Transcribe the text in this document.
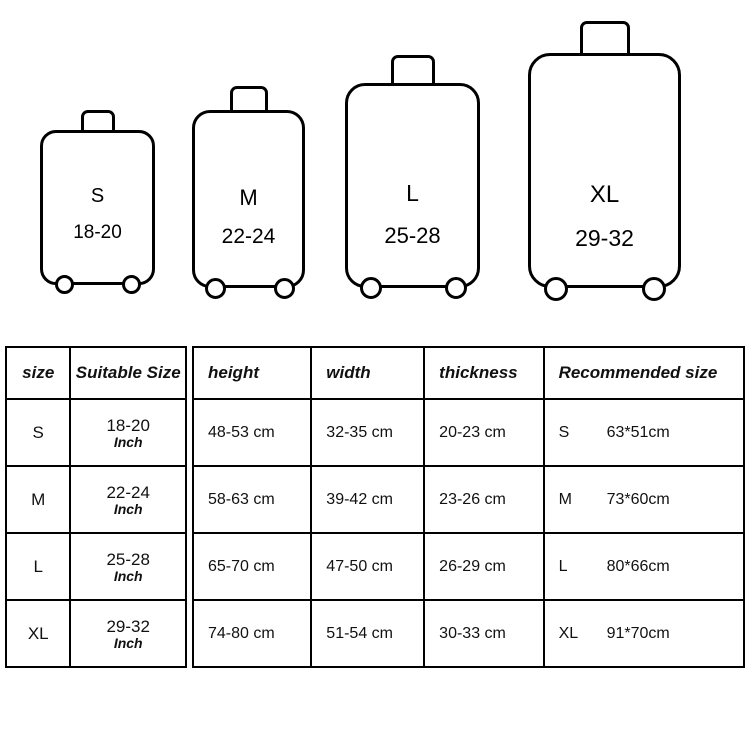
S
18-20
M
22-24
L
25-28
XL
29-32
size	Suitable Size
S	18-20
Inch

M	22-24
Inch

L	25-28
Inch

XL	29-32
Inch
height	width	thickness	Recommended size
48-53 cm	32-35 cm	20-23 cm	S 63*51cm

58-63 cm	39-42 cm	23-26 cm	M 73*60cm

65-70 cm	47-50 cm	26-29 cm	L 80*66cm

74-80 cm	51-54 cm	30-33 cm	XL 91*70cm
